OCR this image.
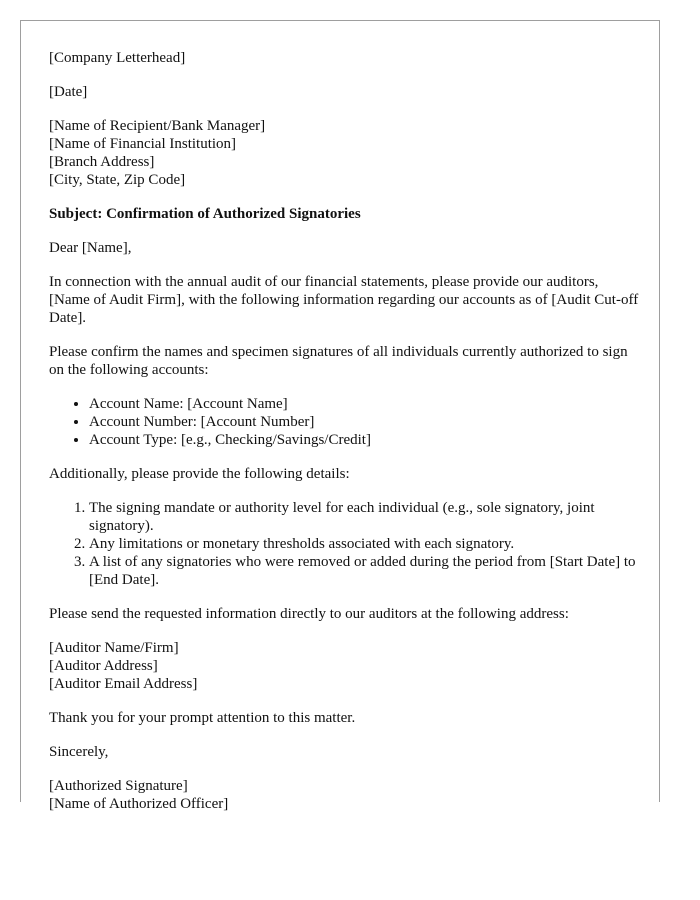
[Company Letterhead]

[Date]

[Name of Recipient/Bank Manager]
[Name of Financial Institution]
[Branch Address]
[City, State, Zip Code]

Subject: Confirmation of Authorized Signatories

Dear [Name],

In connection with the annual audit of our financial statements, please provide our auditors, [Name of Audit Firm], with the following information regarding our accounts as of [Audit Cut-off Date].

Please confirm the names and specimen signatures of all individuals currently authorized to sign on the following accounts:

• Account Name: [Account Name]
• Account Number: [Account Number]
• Account Type: [e.g., Checking/Savings/Credit]

Additionally, please provide the following details:

1. The signing mandate or authority level for each individual (e.g., sole signatory, joint signatory).
2. Any limitations or monetary thresholds associated with each signatory.
3. A list of any signatories who were removed or added during the period from [Start Date] to [End Date].

Please send the requested information directly to our auditors at the following address:

[Auditor Name/Firm]
[Auditor Address]
[Auditor Email Address]

Thank you for your prompt attention to this matter.

Sincerely,

[Authorized Signature]
[Name of Authorized Officer]
